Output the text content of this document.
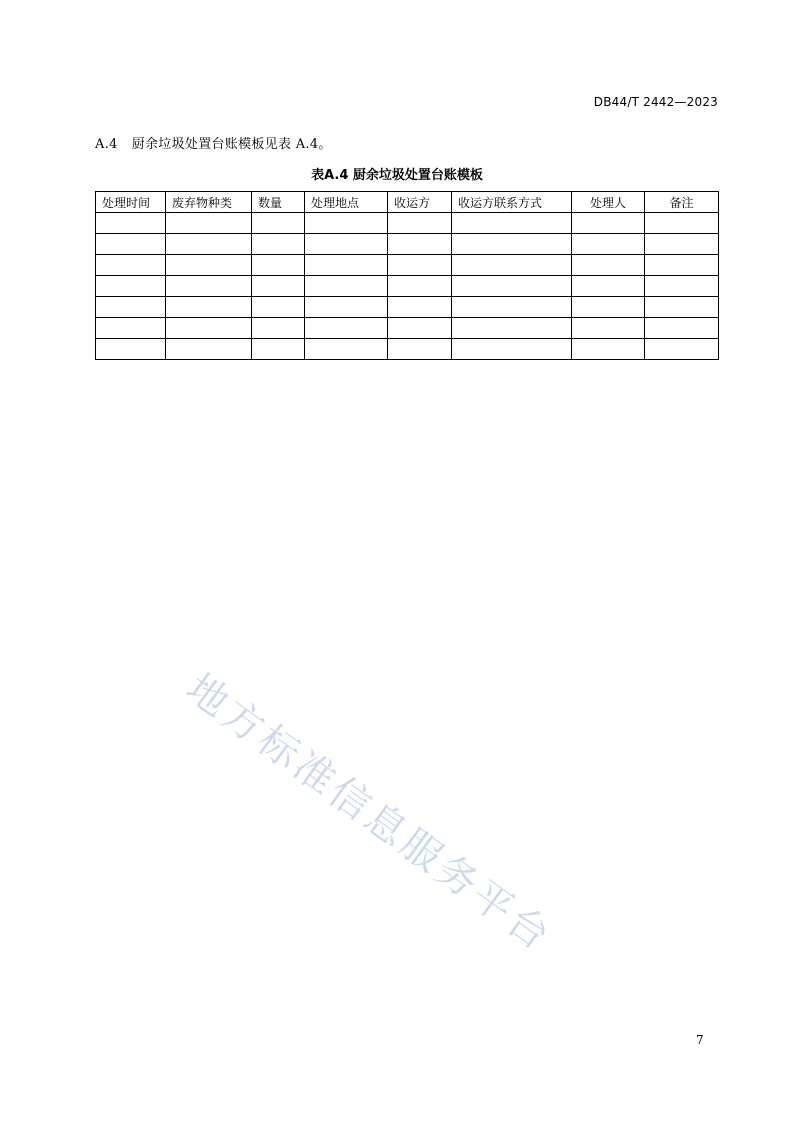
DB44/T 2442—2023
A.4 厨余垃圾处置台账模板见表 A.4。
表A.4 厨余垃圾处置台账模板
处理时间	废弃物种类	数量	处理地点	收运方	收运方联系方式	处理人	备注

地方标准信息服务平台
7
